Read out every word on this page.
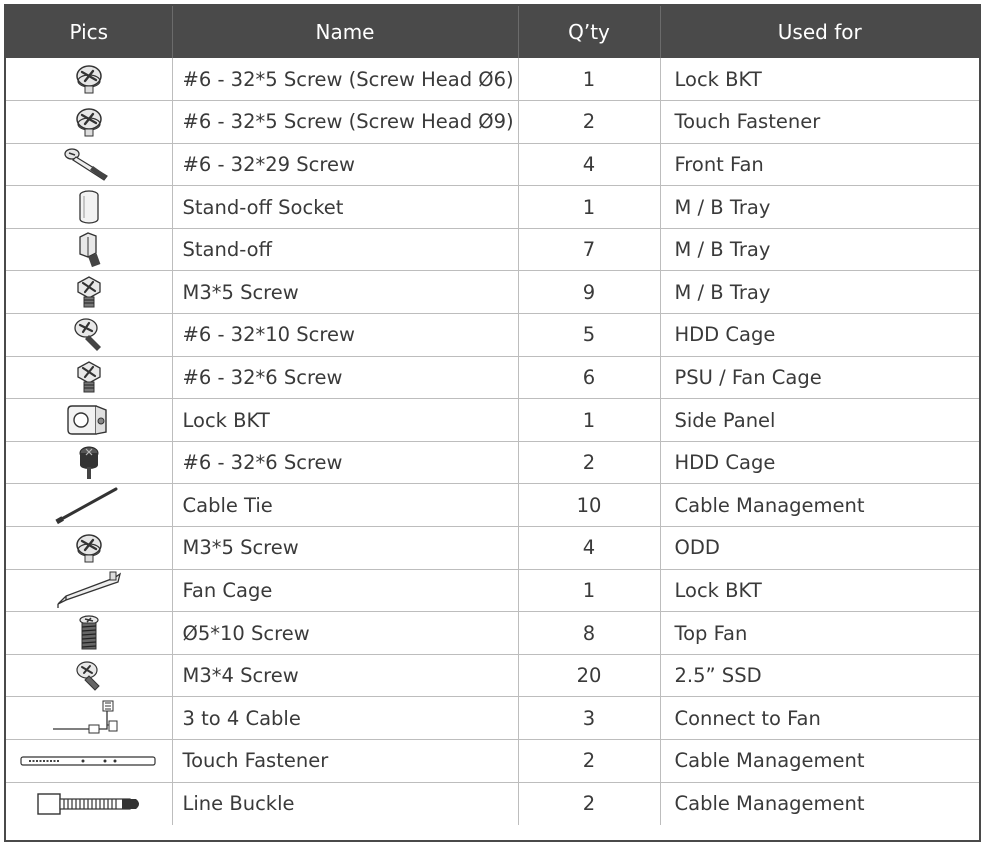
Pics	Name	Q’ty	Used for

	#6 - 32*5 Screw (Screw Head Ø6)	1	Lock BKT

	#6 - 32*5 Screw (Screw Head Ø9)	2	Touch Fastener

	#6 - 32*29 Screw	4	Front Fan

	Stand-off Socket	1	M / B Tray

	Stand-off	7	M / B Tray

	M3*5 Screw	9	M / B Tray

	#6 - 32*10 Screw	5	HDD Cage

	#6 - 32*6 Screw	6	PSU / Fan Cage

	Lock BKT	1	Side Panel

	#6 - 32*6 Screw	2	HDD Cage

	Cable Tie	10	Cable Management

	M3*5 Screw	4	ODD

	Fan Cage	1	Lock BKT

	Ø5*10 Screw	8	Top Fan

	M3*4 Screw	20	2.5” SSD

	3 to 4 Cable	3	Connect to Fan

	Touch Fastener	2	Cable Management

	Line Buckle	2	Cable Management
